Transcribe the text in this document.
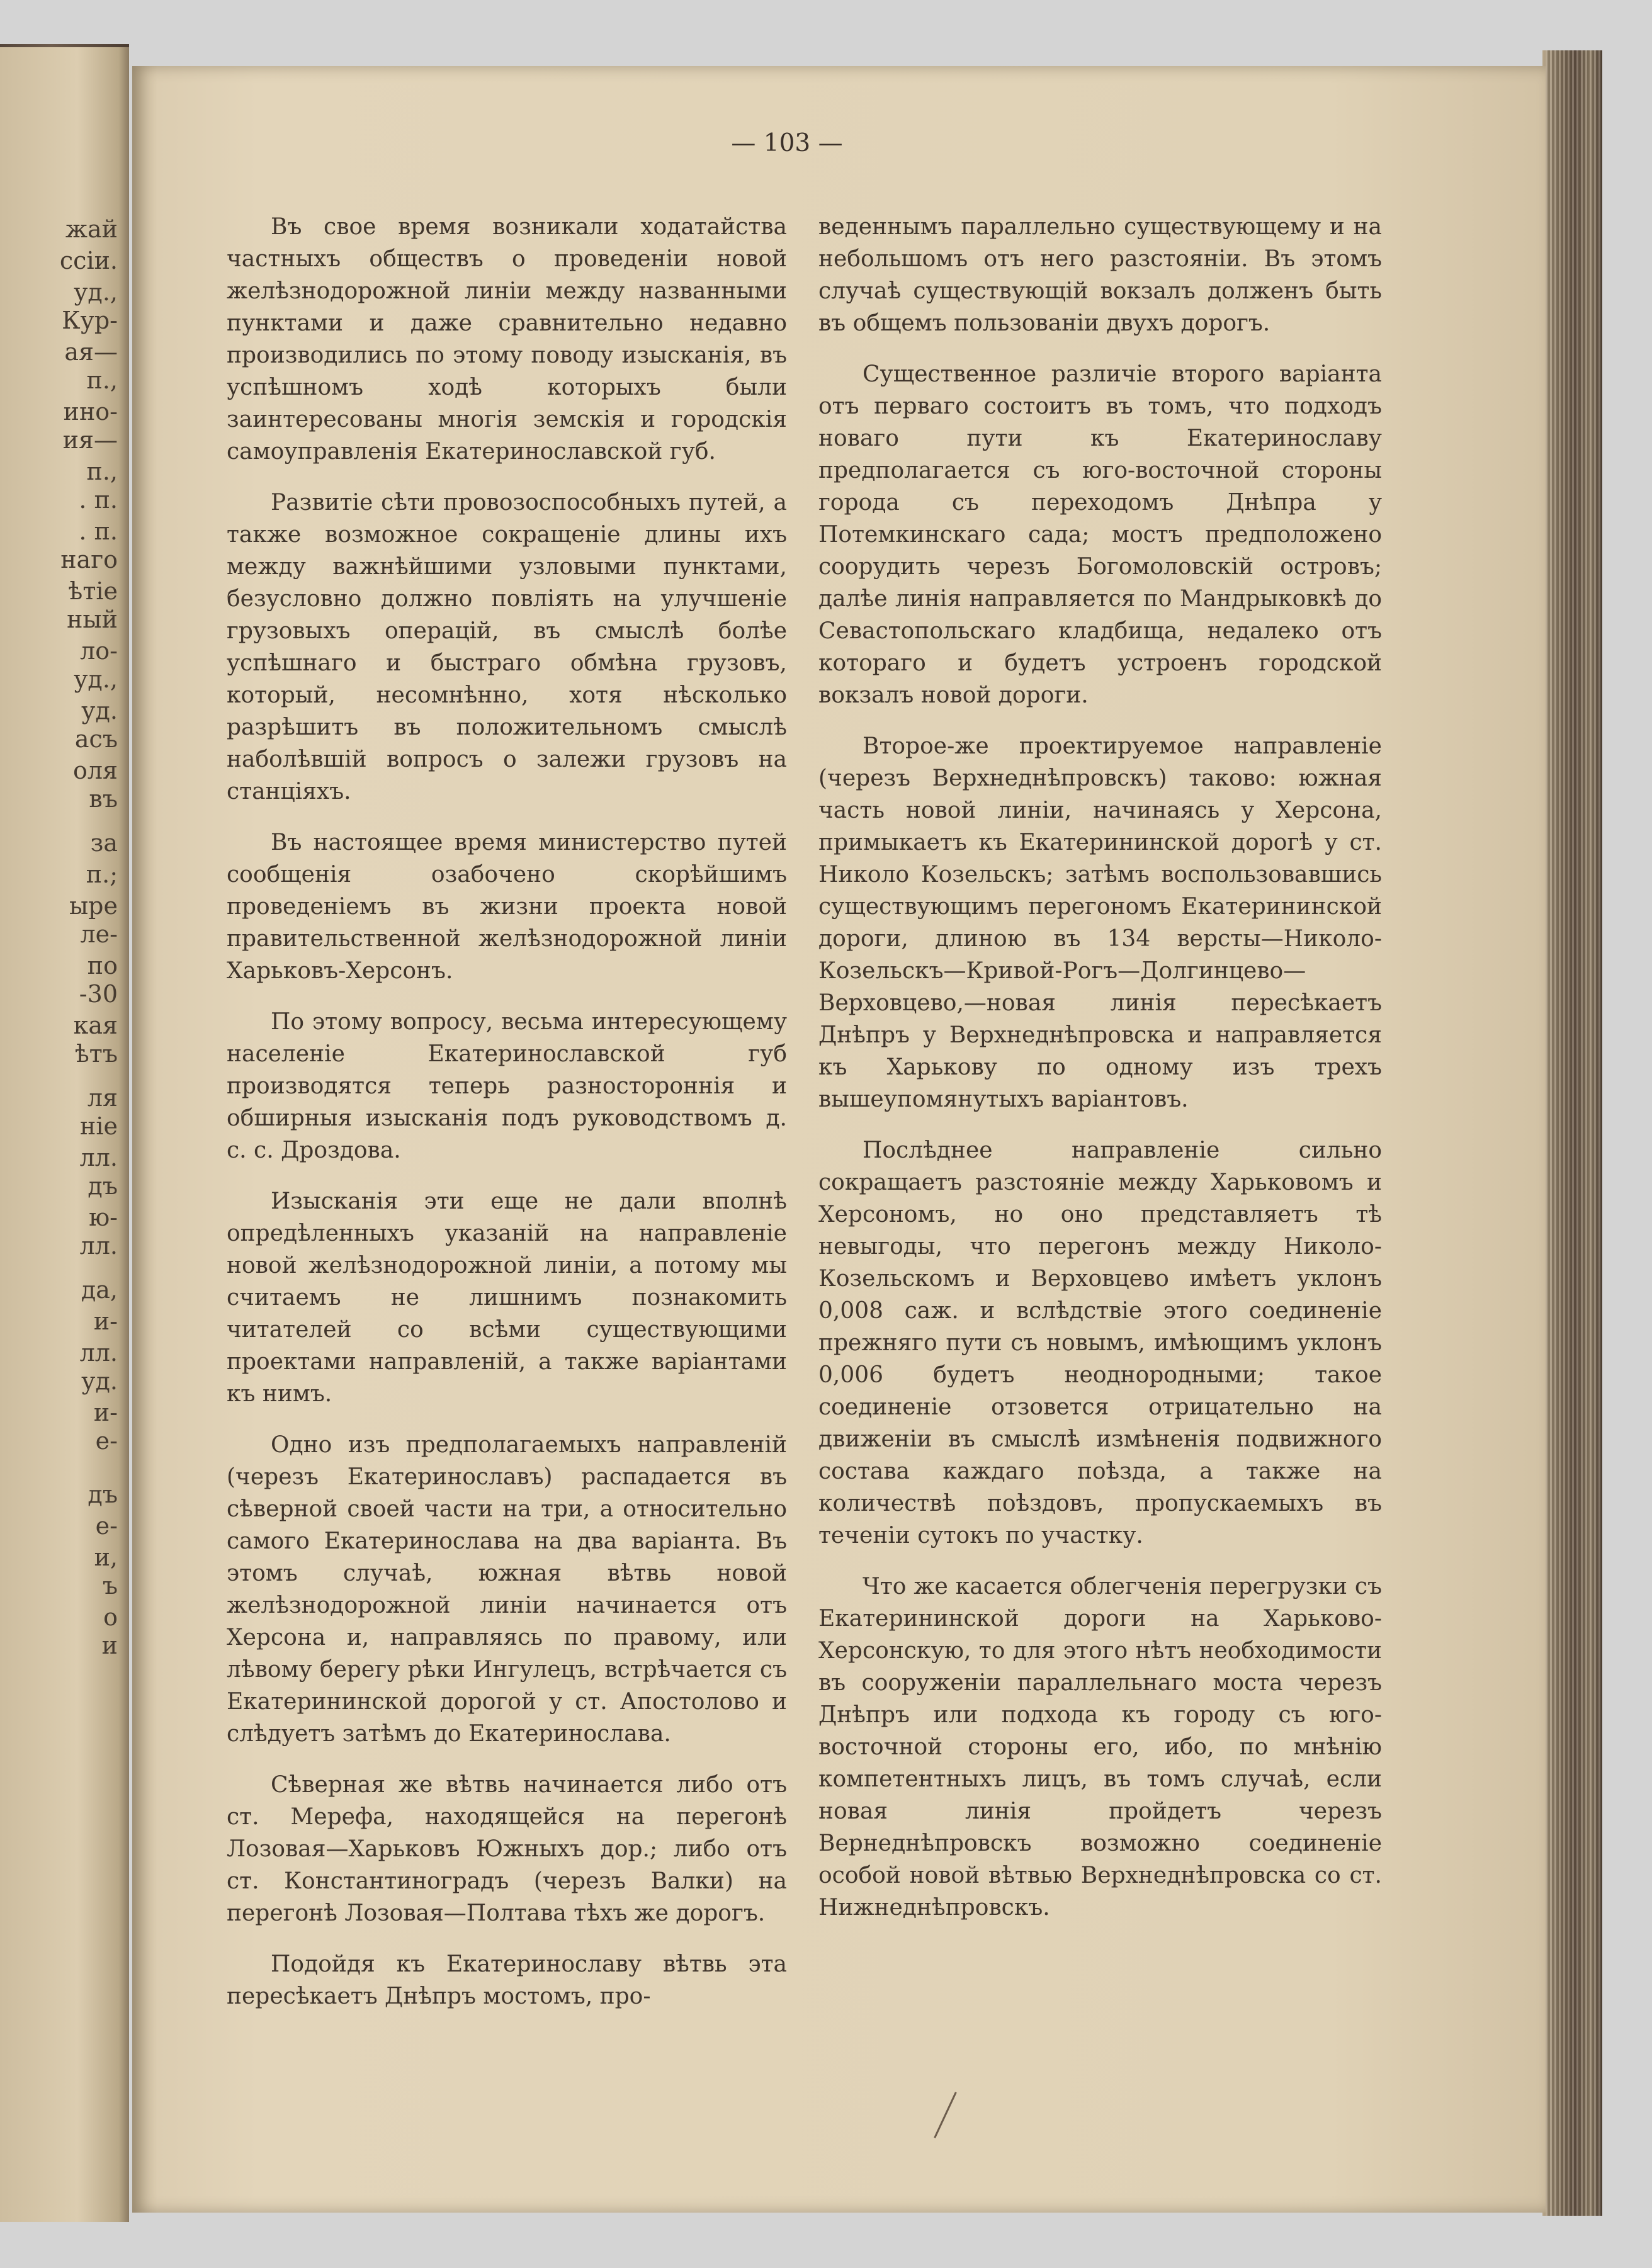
жай
ссiи.
уд.,
Кур-
ая—
п.,
ино-
ия—
п.,
. п.
. п.
наго
ѣтiе
ный
ло-
уд.,
уд.
асъ
оля
въ
за
п.;
ыре
ле-
по
-30
кая
ѣтъ
ля
нiе
лл.
дъ
ю-
лл.
да,
и-
лл.
уд.
и-
е-
дъ
е-
и,
ъ
о
и
— 103 —

Въ свое время возникали ходатайства частныхъ обществъ о проведенiи новой желѣзнодорожной линiи между названными пунктами и даже сравнительно недавно производились по этому поводу изысканiя, въ успѣшномъ ходѣ которыхъ были заинтересованы многiя земскiя и городскiя самоуправленiя Екатеринославской губ.

Развитiе сѣти провозоспособныхъ путей, а также возможное сокращенiе длины ихъ между важнѣйшими узловыми пунктами, безусловно должно повлiять на улучшенiе грузовыхъ операцiй, въ смыслѣ болѣе успѣшнаго и быстраго обмѣна грузовъ, который, несомнѣнно, хотя нѣсколько разрѣшитъ въ положительномъ смыслѣ наболѣвшiй вопросъ о залежи грузовъ на станцiяхъ.

Въ настоящее время министерство путей сообщенiя озабочено скорѣйшимъ проведенiемъ въ жизни проекта новой правительственной желѣзнодорожной линiи Харьковъ-Херсонъ.

По этому вопросу, весьма интересующему населенiе Екатеринославской губ производятся теперь разностороннiя и обширныя изысканiя подъ руководствомъ д. с. с. Дроздова.

Изысканiя эти еще не дали вполнѣ опредѣленныхъ указанiй на направленiе новой желѣзнодорожной линiи, а потому мы считаемъ не лишнимъ познакомить читателей со всѣми существующими проектами направленiй, а также варiантами къ нимъ.

Одно изъ предполагаемыхъ направленiй (черезъ Екатеринославъ) распадается въ сѣверной своей части на три, а относительно самого Екатеринослава на два варiанта. Въ этомъ случаѣ, южная вѣтвь новой желѣзнодорожной линiи начинается отъ Херсона и, направляясь по правому, или лѣвому берегу рѣки Ингулецъ, встрѣчается съ Екатерининской дорогой у ст. Апостолово и слѣдуетъ затѣмъ до Екатеринослава.

Сѣверная же вѣтвь начинается либо отъ ст. Мерефа, находящейся на перегонѣ Лозовая—Харьковъ Южныхъ дор.; либо отъ ст. Константиноградъ (черезъ Валки) на перегонѣ Лозовая—Полтава тѣхъ же дорогъ.

Подойдя къ Екатеринославу вѣтвь эта пересѣкаетъ Днѣпръ мостомъ, про-

веденнымъ параллельно существующему и на небольшомъ отъ него разстоянiи. Въ этомъ случаѣ существующiй вокзалъ долженъ быть въ общемъ пользованiи двухъ дорогъ.

Существенное различiе второго варiанта отъ перваго состоитъ въ томъ, что подходъ новаго пути къ Екатеринославу предполагается съ юго-восточной стороны города съ переходомъ Днѣпра у Потемкинскаго сада; мостъ предположено соорудить черезъ Богомоловскiй островъ; далѣе линiя направляется по Мандрыковкѣ до Севастопольскаго кладбища, недалеко отъ котораго и будетъ устроенъ городской вокзалъ новой дороги.

Второе-же проектируемое направленiе (черезъ Верхнеднѣпровскъ) таково: южная часть новой линiи, начинаясь у Херсона, примыкаетъ къ Екатерининской дорогѣ у ст. Николо Козельскъ; затѣмъ воспользовавшись существующимъ перегономъ Екатерининской дороги, длиною въ 134 версты—Николо-Козельскъ—Кривой-Рогъ—Долгинцево—Верховцево,—новая линiя пересѣкаетъ Днѣпръ у Верхнеднѣпровска и направляется къ Харькову по одному изъ трехъ вышеупомянутыхъ варiантовъ.

Послѣднее направленiе сильно сокращаетъ разстоянiе между Харьковомъ и Херсономъ, но оно представляетъ тѣ невыгоды, что перегонъ между Николо-Козельскомъ и Верховцево имѣетъ уклонъ 0,008 саж. и вслѣдствiе этого соединенiе прежняго пути съ новымъ, имѣющимъ уклонъ 0,006 будетъ неоднородными; такое соединенiе отзовется отрицательно на движенiи въ смыслѣ измѣненiя подвижного состава каждаго поѣзда, а также на количествѣ поѣздовъ, пропускаемыхъ въ теченiи сутокъ по участку.

Что же касается облегченiя перегрузки съ Екатерининской дороги на Харьково-Херсонскую, то для этого нѣтъ необходимости въ сооруженiи параллельнаго моста черезъ Днѣпръ или подхода къ городу съ юго-восточной стороны его, ибо, по мнѣнiю компетентныхъ лицъ, въ томъ случаѣ, если новая линiя пройдетъ черезъ Вернеднѣпровскъ возможно соединенiе особой новой вѣтвью Верхнеднѣпровска со ст. Нижнеднѣпровскъ.
